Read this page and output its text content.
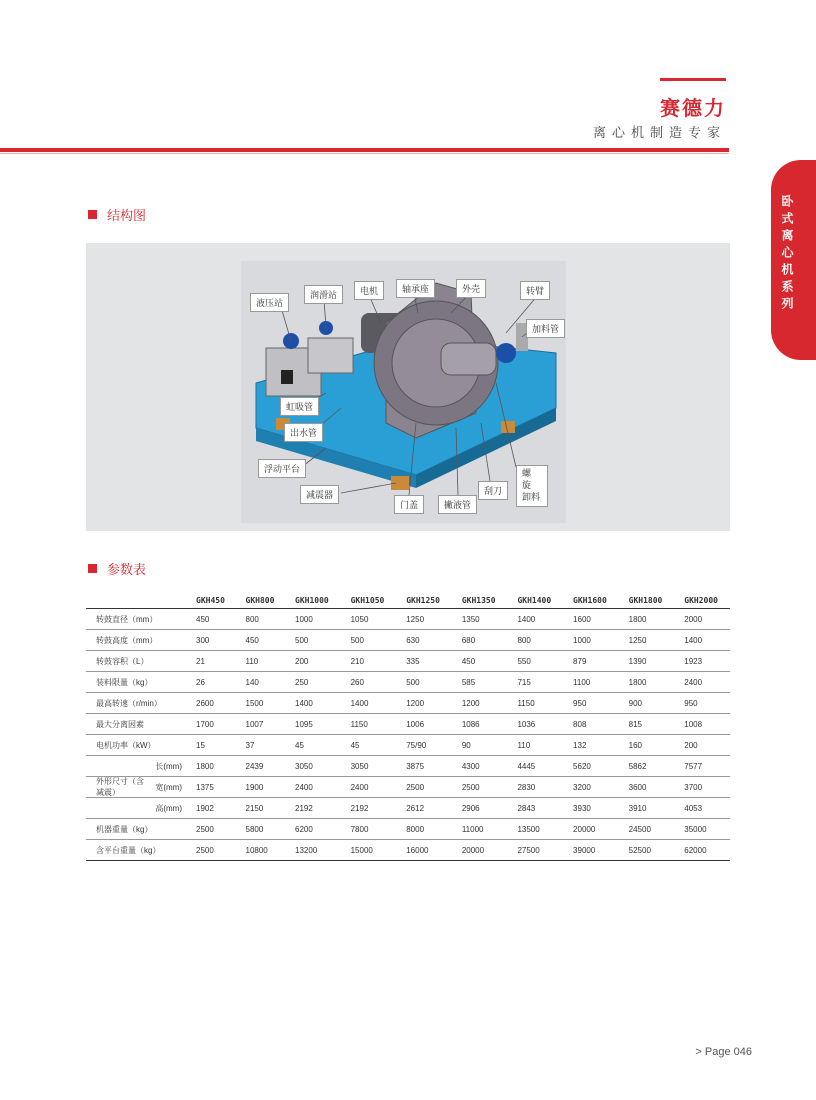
赛德力
离心机制造专家
卧式离心机系列
结构图
液压站
润滑站	电机	轴承座	外壳	转臂
加料管
虹吸管
出水管
浮动平台
减震器
门盖	撇液管
刮刀
螺 旋 卸料
参数表
	GKH450	GKH800	GKH1000	GKH1050	GKH1250	GKH1350	GKH1400	GKH1600	GKH1800	GKH2000
转鼓直径（mm）	450	800	1000	1050	1250	1350	1400	1600	1800	2000
转鼓高度（mm）	300	450	500	500	630	680	800	1000	1250	1400
转鼓容积（L）	21	110	200	210	335	450	550	879	1390	1923
装料限量（kg）	26	140	250	260	500	585	715	1100	1800	2400
最高转速（r/min）	2600	1500	1400	1400	1200	1200	1150	950	900	950
最大分离因素	1700	1007	1095	1150	1006	1086	1036	808	815	1008
电机功率（kW）	15	37	45	45	75/90	90	110	132	160	200

外形尺寸（含减震）
长(mm)	1800	2439	3050	3050	3875	4300	4445	5620	5862	7577

宽(mm)	1375	1900	2400	2400	2500	2500	2830	3200	3600	3700

高(mm)	1902	2150	2192	2192	2612	2906	2843	3930	3910	4053
机器重量（kg）	2500	5800	6200	7800	8000	11000	13500	20000	24500	35000
含平台重量（kg）	2500	10800	13200	15000	16000	20000	27500	39000	52500	62000
> Page 046
